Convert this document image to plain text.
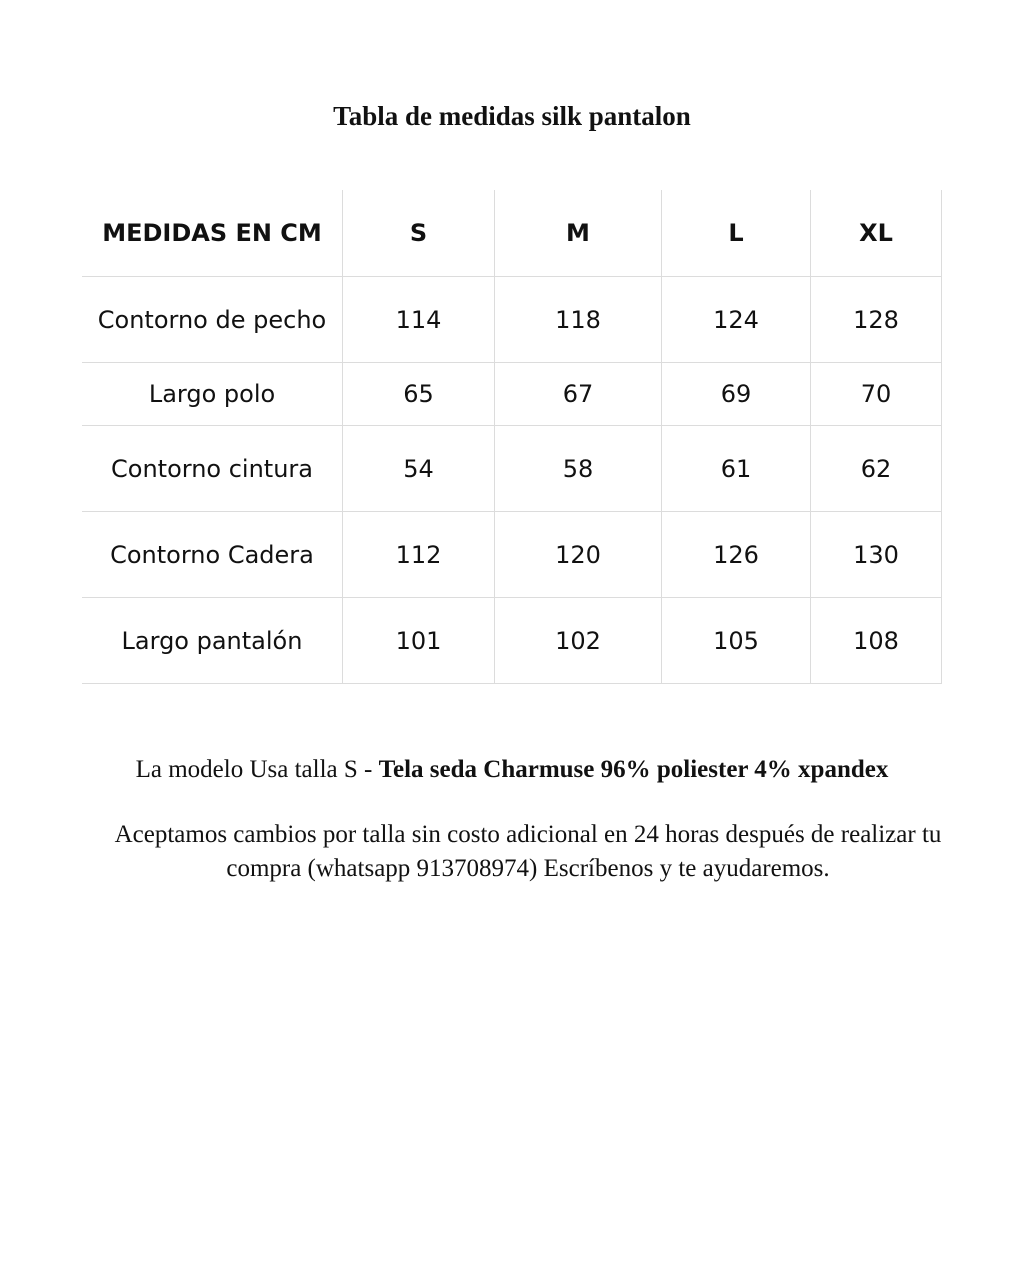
Tabla de medidas silk pantalon
MEDIDAS EN CM	S	M	L	XL
Contorno de pecho	114	118	124	128
Largo polo	65	67	69	70
Contorno cintura	54	58	61	62
Contorno Cadera	112	120	126	130
Largo pantalón	101	102	105	108

La modelo Usa talla S - Tela seda Charmuse 96% poliester 4% xpandex

Aceptamos cambios por talla sin costo adicional en 24 horas después de realizar tu compra (whatsapp 913708974) Escríbenos y te ayudaremos.
